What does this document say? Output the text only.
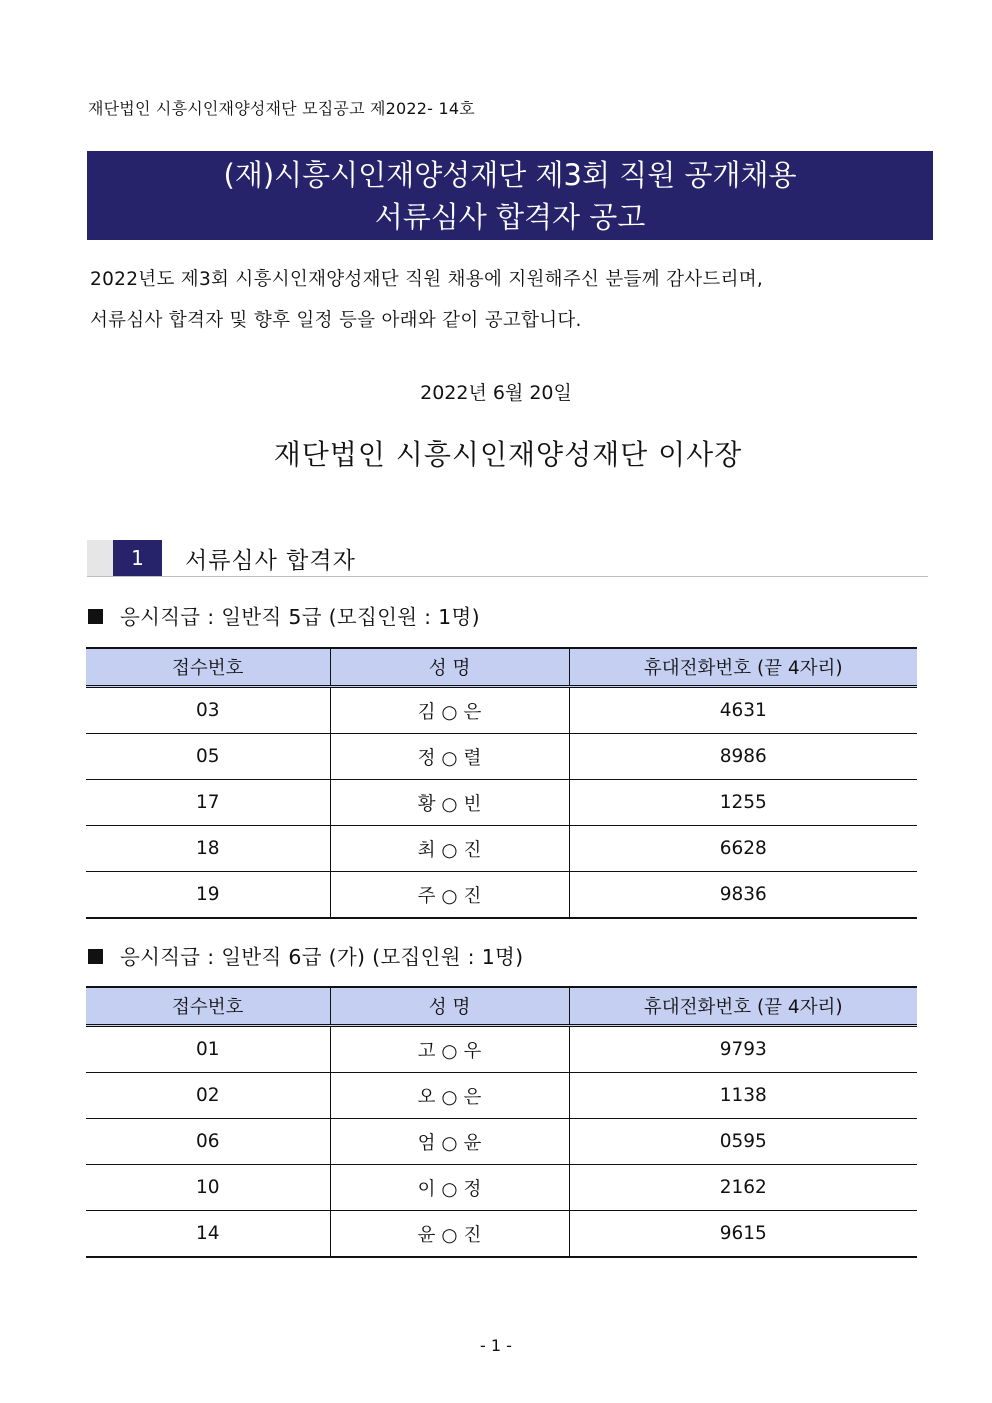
재단법인 시흥시인재양성재단 모집공고 제2022- 14호
(재)시흥시인재양성재단 제3회 직원 공개채용
서류심사 합격자 공고
2022년도 제3회 시흥시인재양성재단 직원 채용에 지원해주신 분들께 감사드리며,
서류심사 합격자 및 향후 일정 등을 아래와 같이 공고합니다.
2022년 6월 20일
재단법인 시흥시인재양성재단 이사장
1	서류심사 합격자
응시직급 : 일반직 5급 (모집인원 : 1명)
접수번호	성 명	휴대전화번호 (끝 4자리)
03	김 ○ 은	4631
05	정 ○ 렬	8986
17	황 ○ 빈	1255
18	최 ○ 진	6628
19	주 ○ 진	9836
응시직급 : 일반직 6급 (가) (모집인원 : 1명)
접수번호	성 명	휴대전화번호 (끝 4자리)
01	고 ○ 우	9793
02	오 ○ 은	1138
06	엄 ○ 윤	0595
10	이 ○ 정	2162
14	윤 ○ 진	9615
- 1 -
